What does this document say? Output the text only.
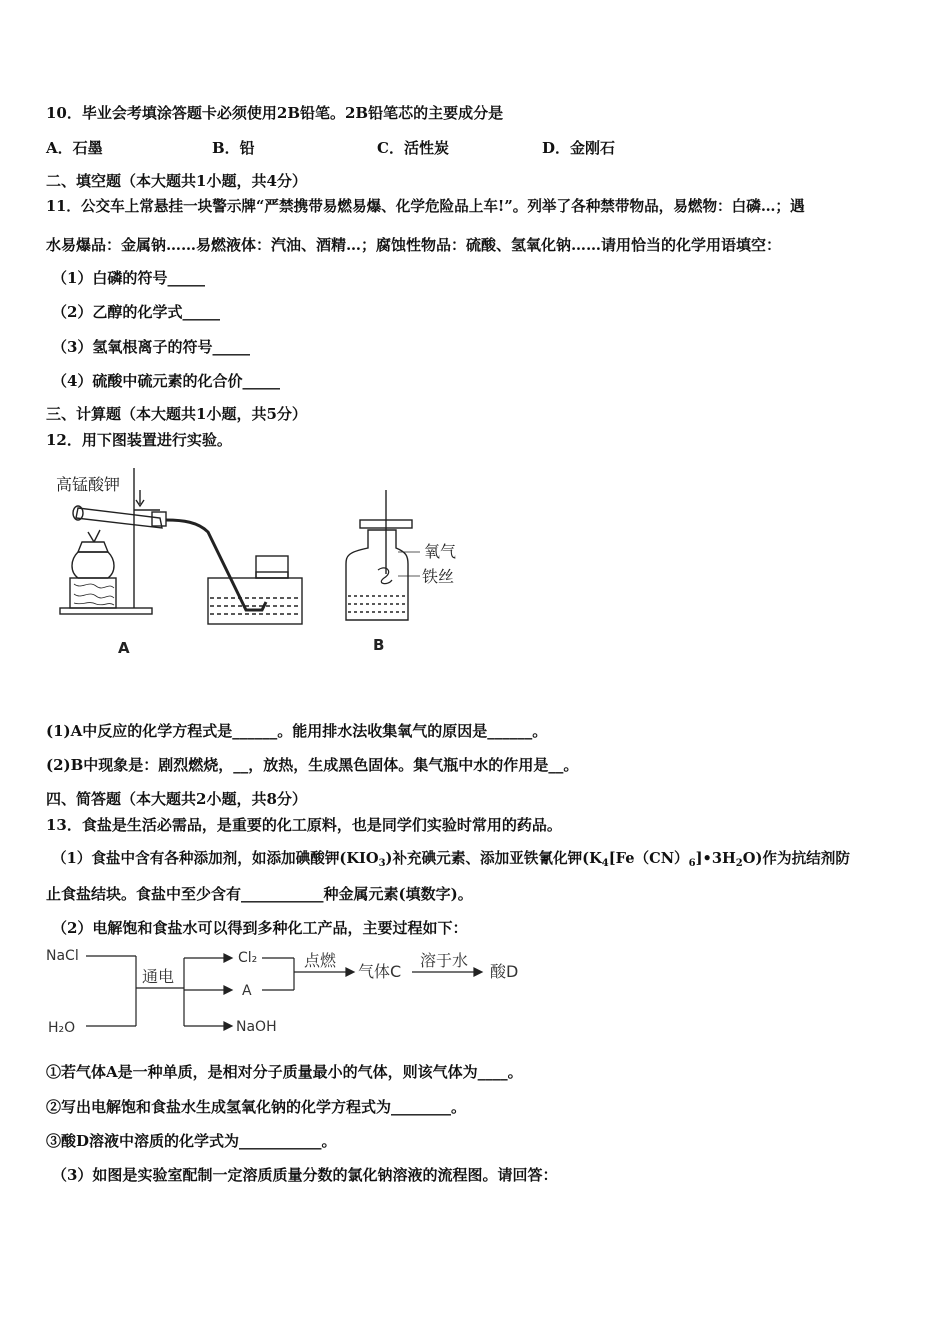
10．毕业会考填涂答题卡必须使用2B铅笔。2B铅笔芯的主要成分是
A．石墨	B．铅	C．活性炭	D．金刚石
二、填空题（本大题共1小题，共4分）
11．公交车上常悬挂一块警示牌“严禁携带易燃易爆、化学危险品上车!”。列举了各种禁带物品，易燃物：白磷…；遇
水易爆品：金属钠……易燃液体：汽油、酒精…；腐蚀性物品：硫酸、氢氧化钠……请用恰当的化学用语填空：
（1）白磷的符号_____
（2）乙醇的化学式_____
（3）氢氧根离子的符号_____
（4）硫酸中硫元素的化合价_____
三、计算题（本大题共1小题，共5分）
12．用下图装置进行实验。
高锰酸钾
A	B
氧气
铁丝
(1)A中反应的化学方程式是______。能用排水法收集氧气的原因是______。
(2)B中现象是：剧烈燃烧，__，放热，生成黑色固体。集气瓶中水的作用是__。
四、简答题（本大题共2小题，共8分）
13．食盐是生活必需品，是重要的化工原料，也是同学们实验时常用的药品。
（1）食盐中含有各种添加剂，如添加碘酸钾$(KIO_3)$补充碘元素、添加亚铁氰化钾$(K_4[Fe(CN)_6]•3H_2O)$作为抗结剂防
止食盐结块。食盐中至少含有___________种金属元素(填数字)。
（2）电解饱和食盐水可以得到多种化工产品，主要过程如下：
NaCl
H₂O
通电
Cl₂
A
NaOH
点燃
气体C
溶于水
酸D
①若气体A是一种单质，是相对分子质量最小的气体，则该气体为____。
②写出电解饱和食盐水生成氢氧化钠的化学方程式为________。
③酸D溶液中溶质的化学式为___________。
（3）如图是实验室配制一定溶质质量分数的氯化钠溶液的流程图。请回答：
